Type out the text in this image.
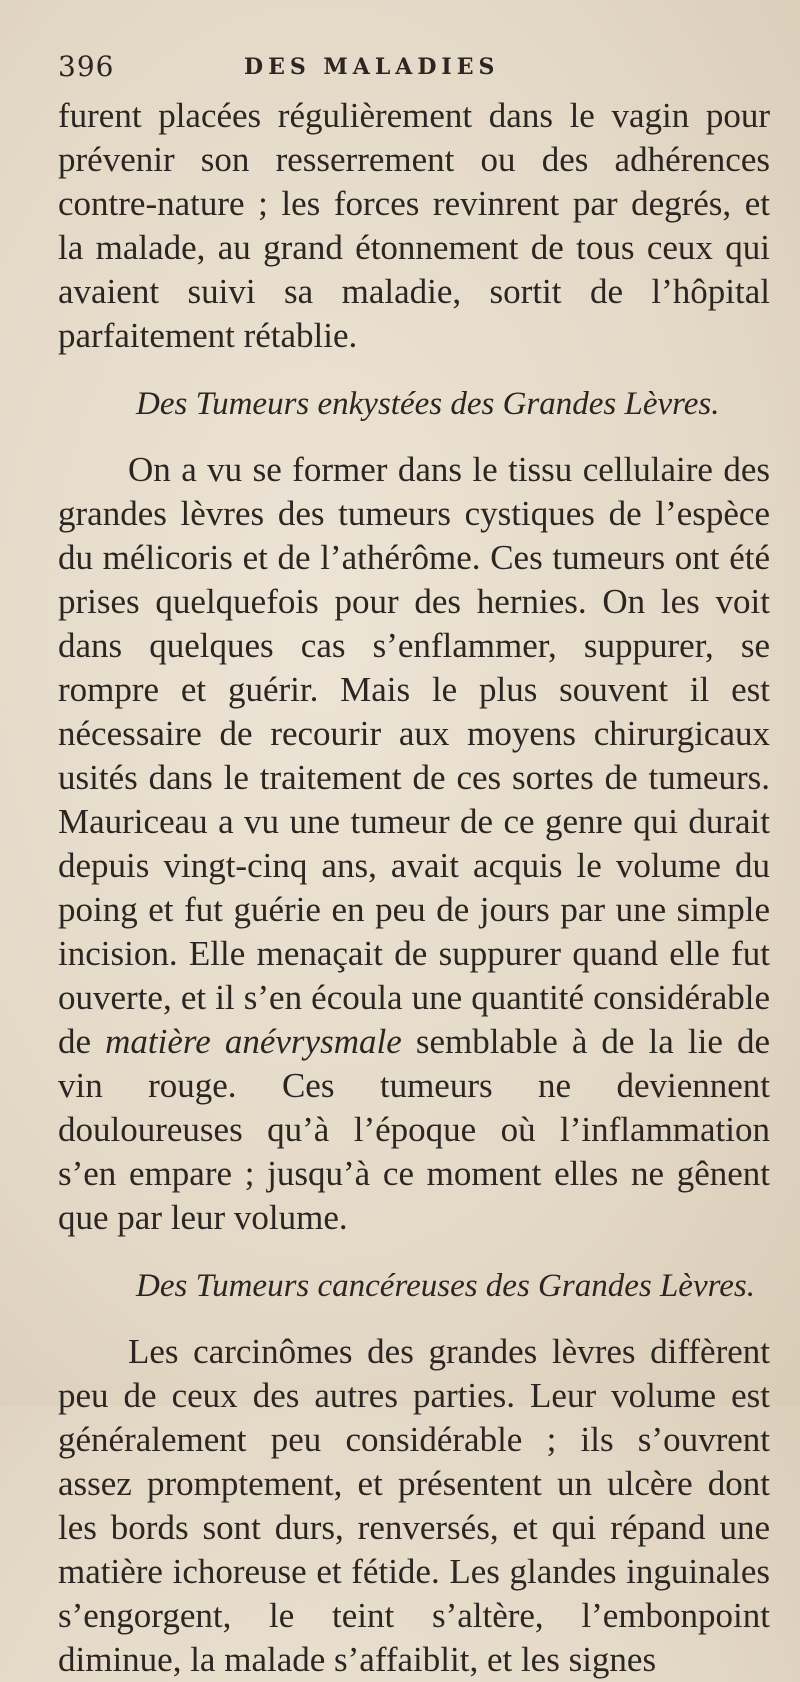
396	DES MALADIES

furent placées régulièrement dans le vagin pour prévenir son resserrement ou des adhérences contre-nature ; les forces revinrent par degrés, et la malade, au grand étonnement de tous ceux qui avaient suivi sa maladie, sortit de l’hôpital parfaitement rétablie.

Des Tumeurs enkystées des Grandes Lèvres.

On a vu se former dans le tissu cellulaire des grandes lèvres des tumeurs cystiques de l’espèce du mélicoris et de l’athérôme. Ces tumeurs ont été prises quelquefois pour des hernies. On les voit dans quelques cas s’enflammer, suppurer, se rompre et guérir. Mais le plus souvent il est nécessaire de recourir aux moyens chirurgicaux usités dans le traitement de ces sortes de tumeurs. Mauriceau a vu une tumeur de ce genre qui durait depuis vingt-cinq ans, avait acquis le volume du poing et fut guérie en peu de jours par une simple incision. Elle menaçait de suppurer quand elle fut ouverte, et il s’en écoula une quantité considérable de matière anévrysmale semblable à de la lie de vin rouge. Ces tumeurs ne deviennent douloureuses qu’à l’époque où l’inflammation s’en empare ; jusqu’à ce moment elles ne gênent que par leur volume.

Des Tumeurs cancéreuses des Grandes Lèvres.

Les carcinômes des grandes lèvres diffèrent peu de ceux des autres parties. Leur volume est généralement peu considérable ; ils s’ouvrent assez promptement, et présentent un ulcère dont les bords sont durs, renversés, et qui répand une matière ichoreuse et fétide. Les glandes inguinales s’engorgent, le teint s’altère, l’embonpoint diminue, la malade s’affaiblit, et les signes
